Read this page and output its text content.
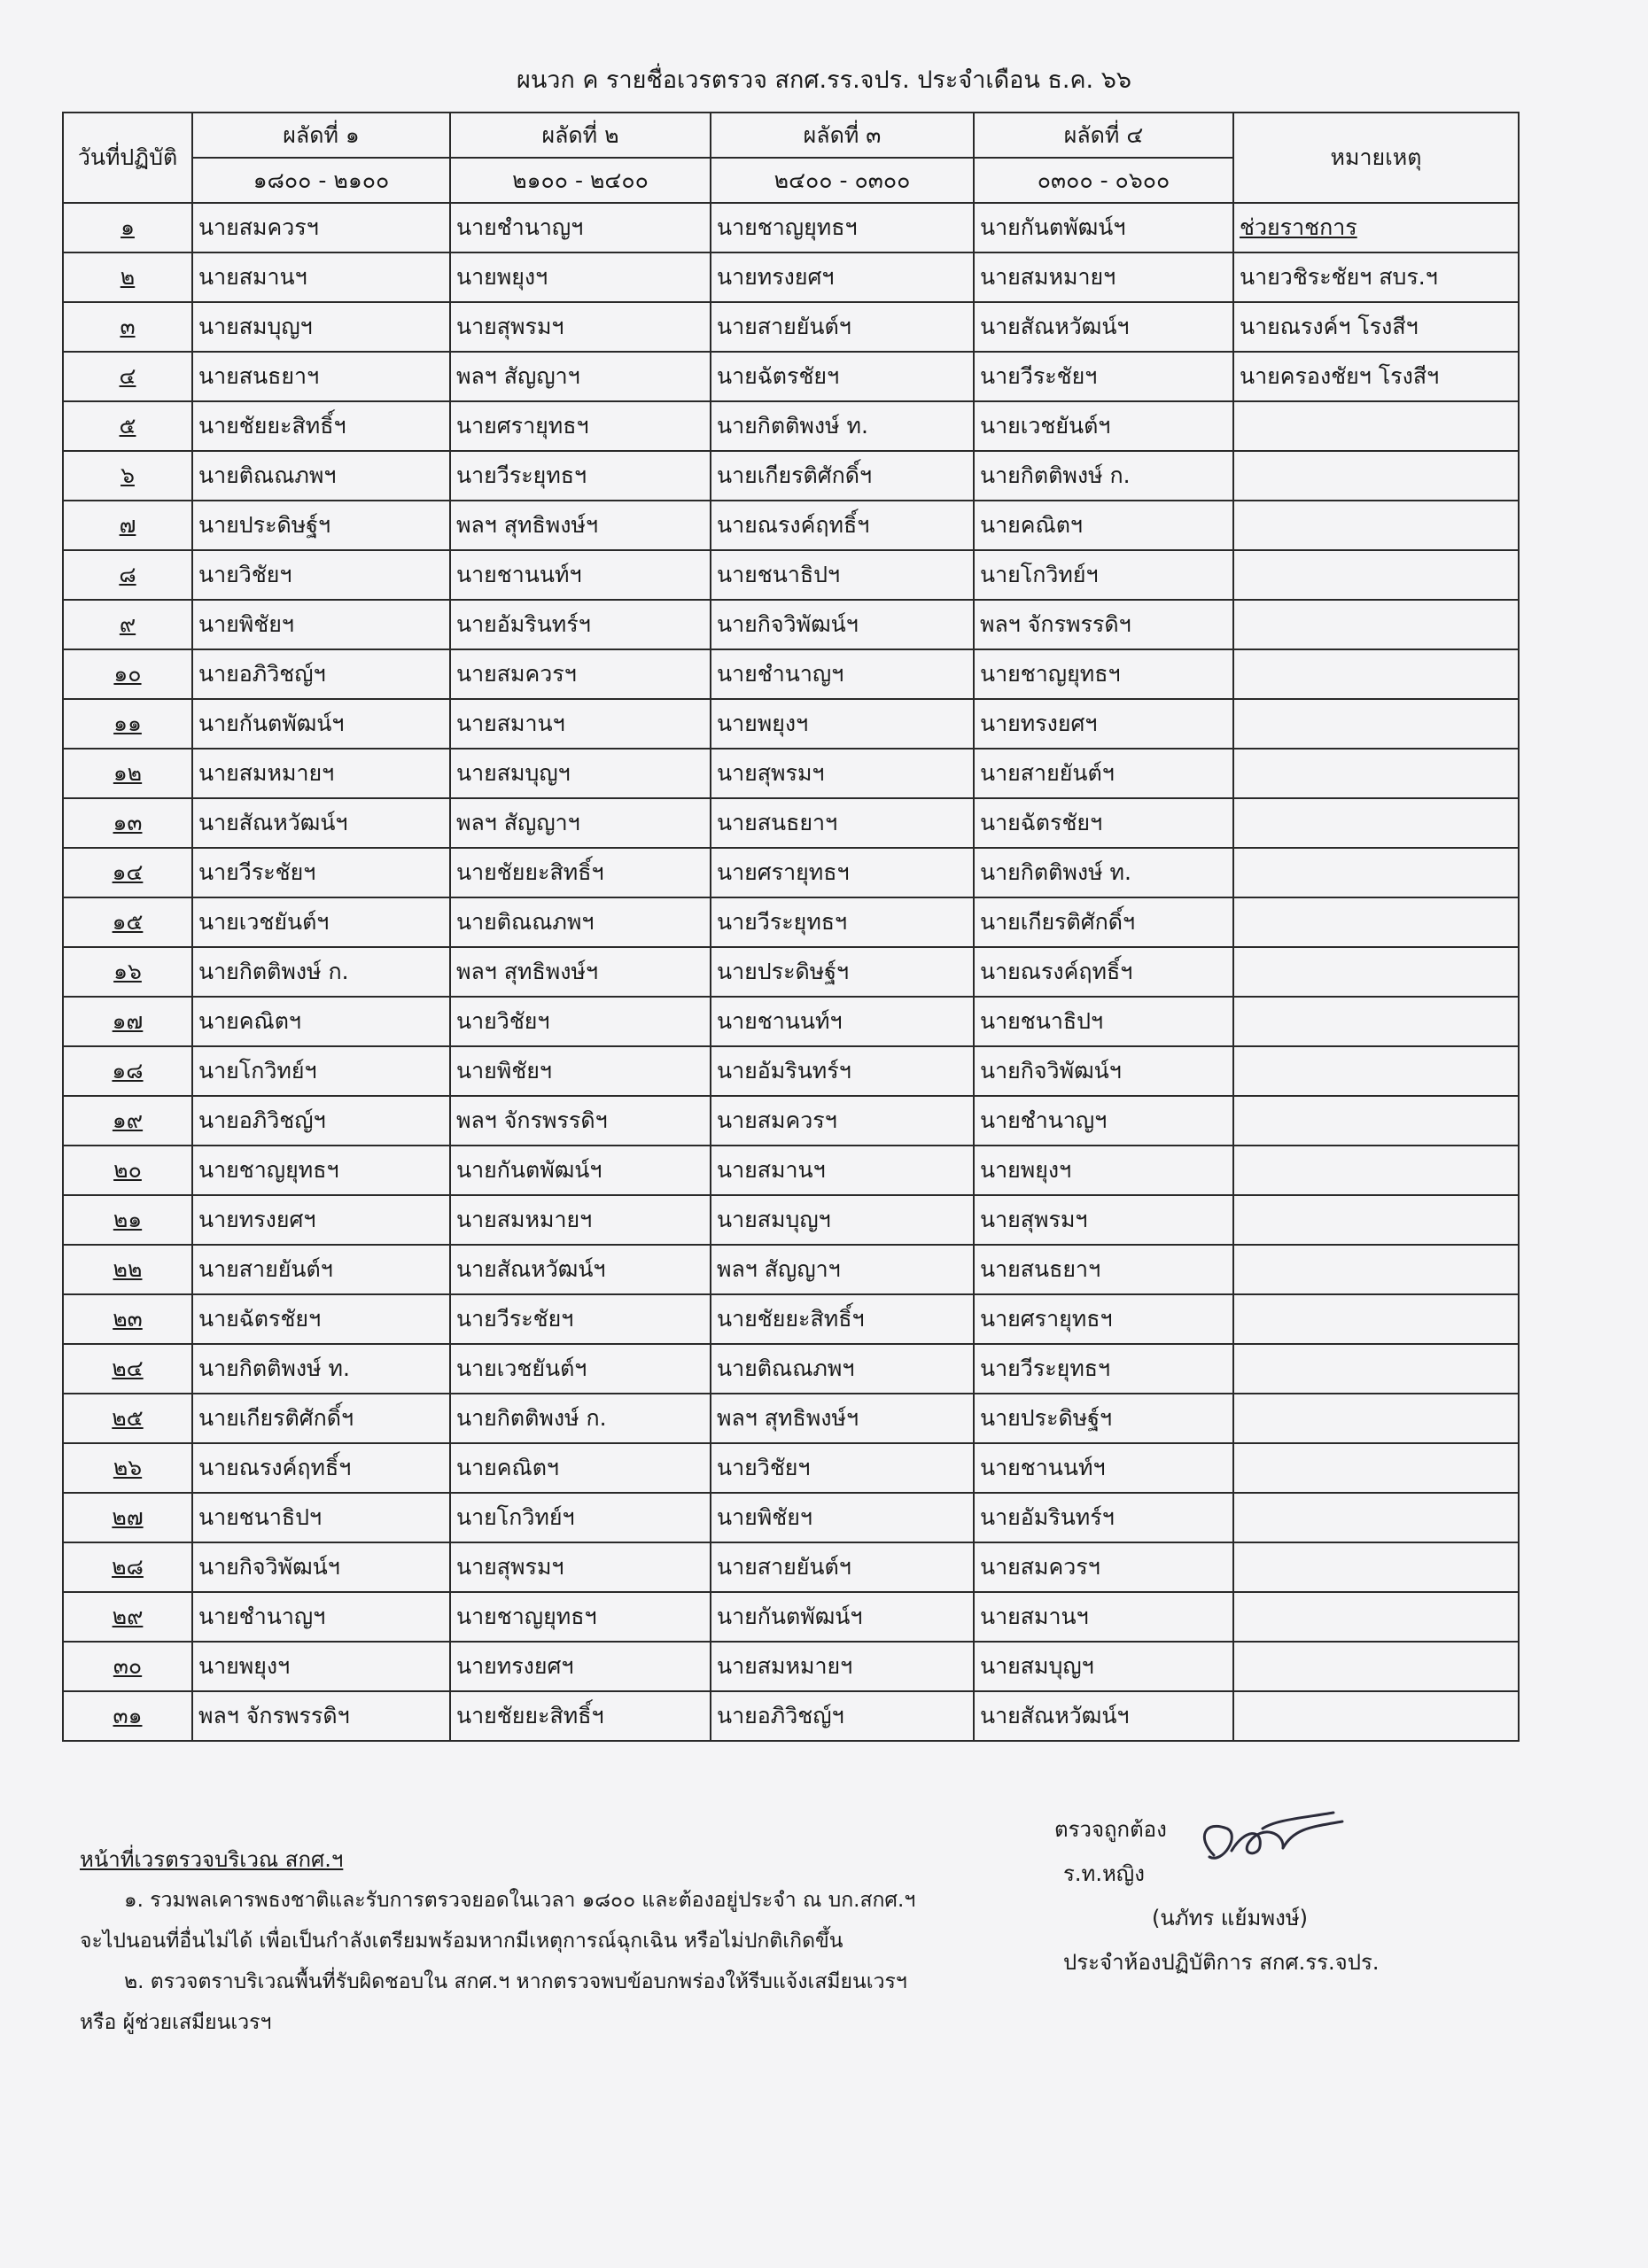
ผนวก ค รายชื่อเวรตรวจ สกศ.รร.จปร. ประจำเดือน ธ.ค. ๖๖
วันที่ปฏิบัติ	ผลัดที่ ๑	ผลัดที่ ๒	ผลัดที่ ๓	ผลัดที่ ๔	หมายเหตุ
	๑๘๐๐ - ๒๑๐๐	๒๑๐๐ - ๒๔๐๐	๒๔๐๐ - ๐๓๐๐	๐๓๐๐ - ๐๖๐๐	
๑	นายสมควรฯ	นายชำนาญฯ	นายชาญยุทธฯ	นายกันตพัฒน์ฯ	ช่วยราชการ
๒	นายสมานฯ	นายพยุงฯ	นายทรงยศฯ	นายสมหมายฯ	นายวชิระชัยฯ สบร.ฯ
๓	นายสมบุญฯ	นายสุพรมฯ	นายสายยันต์ฯ	นายสัณหวัฒน์ฯ	นายณรงค์ฯ โรงสีฯ
๔	นายสนธยาฯ	พลฯ สัญญาฯ	นายฉัตรชัยฯ	นายวีระชัยฯ	นายครองชัยฯ โรงสีฯ
๕	นายชัยยะสิทธิ์ฯ	นายศรายุทธฯ	นายกิตติพงษ์ ท.	นายเวชยันต์ฯ	
๖	นายติณณภพฯ	นายวีระยุทธฯ	นายเกียรติศักดิ์ฯ	นายกิตติพงษ์ ก.	
๗	นายประดิษฐ์ฯ	พลฯ สุทธิพงษ์ฯ	นายณรงค์ฤทธิ์ฯ	นายคณิตฯ	
๘	นายวิชัยฯ	นายชานนท์ฯ	นายชนาธิปฯ	นายโกวิทย์ฯ	
๙	นายพิชัยฯ	นายอัมรินทร์ฯ	นายกิจวิพัฒน์ฯ	พลฯ จักรพรรดิฯ	
๑๐	นายอภิวิชญ์ฯ	นายสมควรฯ	นายชำนาญฯ	นายชาญยุทธฯ	
๑๑	นายกันตพัฒน์ฯ	นายสมานฯ	นายพยุงฯ	นายทรงยศฯ	
๑๒	นายสมหมายฯ	นายสมบุญฯ	นายสุพรมฯ	นายสายยันต์ฯ	
๑๓	นายสัณหวัฒน์ฯ	พลฯ สัญญาฯ	นายสนธยาฯ	นายฉัตรชัยฯ	
๑๔	นายวีระชัยฯ	นายชัยยะสิทธิ์ฯ	นายศรายุทธฯ	นายกิตติพงษ์ ท.	
๑๕	นายเวชยันต์ฯ	นายติณณภพฯ	นายวีระยุทธฯ	นายเกียรติศักดิ์ฯ	
๑๖	นายกิตติพงษ์ ก.	พลฯ สุทธิพงษ์ฯ	นายประดิษฐ์ฯ	นายณรงค์ฤทธิ์ฯ	
๑๗	นายคณิตฯ	นายวิชัยฯ	นายชานนท์ฯ	นายชนาธิปฯ	
๑๘	นายโกวิทย์ฯ	นายพิชัยฯ	นายอัมรินทร์ฯ	นายกิจวิพัฒน์ฯ	
๑๙	นายอภิวิชญ์ฯ	พลฯ จักรพรรดิฯ	นายสมควรฯ	นายชำนาญฯ	
๒๐	นายชาญยุทธฯ	นายกันตพัฒน์ฯ	นายสมานฯ	นายพยุงฯ	
๒๑	นายทรงยศฯ	นายสมหมายฯ	นายสมบุญฯ	นายสุพรมฯ	
๒๒	นายสายยันต์ฯ	นายสัณหวัฒน์ฯ	พลฯ สัญญาฯ	นายสนธยาฯ	
๒๓	นายฉัตรชัยฯ	นายวีระชัยฯ	นายชัยยะสิทธิ์ฯ	นายศรายุทธฯ	
๒๔	นายกิตติพงษ์ ท.	นายเวชยันต์ฯ	นายติณณภพฯ	นายวีระยุทธฯ	
๒๕	นายเกียรติศักดิ์ฯ	นายกิตติพงษ์ ก.	พลฯ สุทธิพงษ์ฯ	นายประดิษฐ์ฯ	
๒๖	นายณรงค์ฤทธิ์ฯ	นายคณิตฯ	นายวิชัยฯ	นายชานนท์ฯ	
๒๗	นายชนาธิปฯ	นายโกวิทย์ฯ	นายพิชัยฯ	นายอัมรินทร์ฯ	
๒๘	นายกิจวิพัฒน์ฯ	นายสุพรมฯ	นายสายยันต์ฯ	นายสมควรฯ	
๒๙	นายชำนาญฯ	นายชาญยุทธฯ	นายกันตพัฒน์ฯ	นายสมานฯ	
๓๐	นายพยุงฯ	นายทรงยศฯ	นายสมหมายฯ	นายสมบุญฯ	
๓๑	พลฯ จักรพรรดิฯ	นายชัยยะสิทธิ์ฯ	นายอภิวิชญ์ฯ	นายสัณหวัฒน์ฯ	
หน้าที่เวรตรวจบริเวณ สกศ.ฯ
๑. รวมพลเคารพธงชาติและรับการตรวจยอดในเวลา ๑๘๐๐ และต้องอยู่ประจำ ณ บก.สกศ.ฯ
จะไปนอนที่อื่นไม่ได้ เพื่อเป็นกำลังเตรียมพร้อมหากมีเหตุการณ์ฉุกเฉิน หรือไม่ปกติเกิดขึ้น
๒. ตรวจตราบริเวณพื้นที่รับผิดชอบใน สกศ.ฯ หากตรวจพบข้อบกพร่องให้รีบแจ้งเสมียนเวรฯ
หรือ ผู้ช่วยเสมียนเวรฯ
ตรวจถูกต้อง
ร.ท.หญิง
(นภัทร แย้มพงษ์)
ประจำห้องปฏิบัติการ สกศ.รร.จปร.
